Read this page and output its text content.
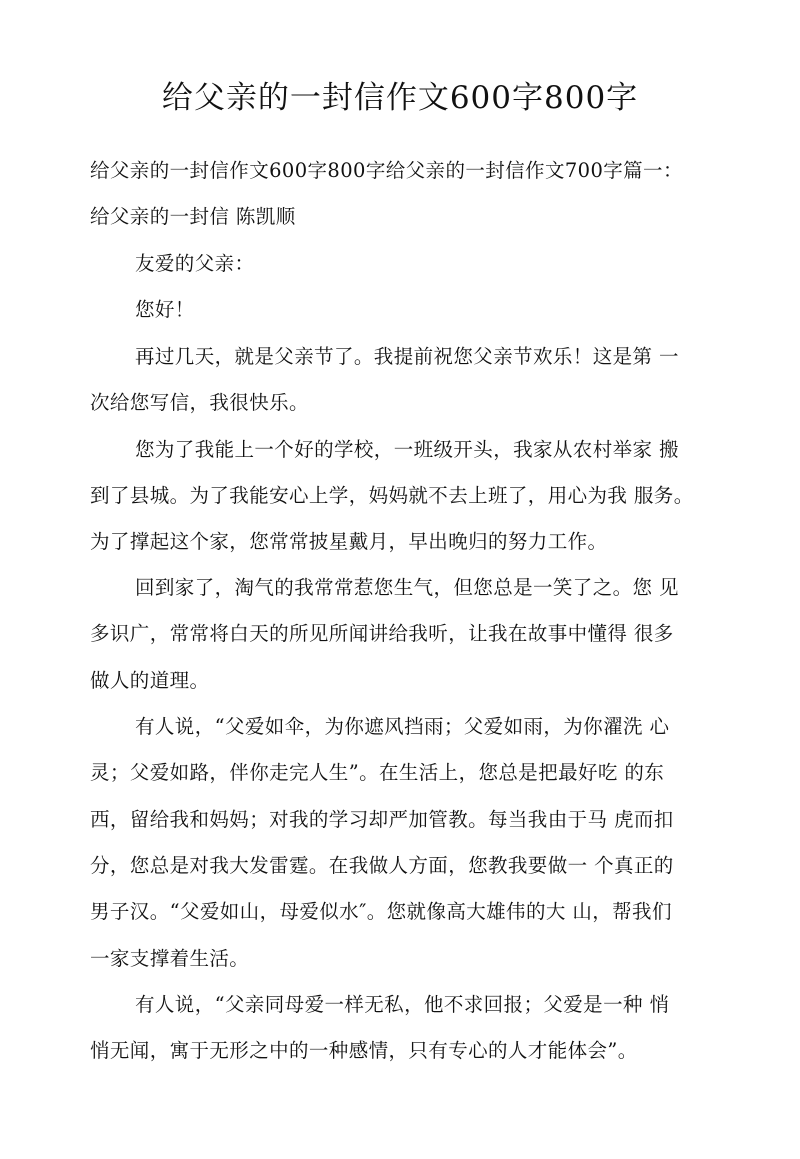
给父亲的一封信作文600字800字
给父亲的一封信作文600字800字给父亲的一封信作文700字篇一：
给父亲的一封信 陈凯顺
友爱的父亲：
您好！
再过几天，就是父亲节了。我提前祝您父亲节欢乐！这是第 一
次给您写信，我很快乐。
您为了我能上一个好的学校，一班级开头，我家从农村举家 搬
到了县城。为了我能安心上学，妈妈就不去上班了，用心为我 服务。
为了撑起这个家，您常常披星戴月，早出晚归的努力工作。
回到家了，淘气的我常常惹您生气，但您总是一笑了之。您 见
多识广，常常将白天的所见所闻讲给我听，让我在故事中懂得 很多
做人的道理。
有人说，“父爱如伞，为你遮风挡雨；父爱如雨，为你濯洗 心
灵；父爱如路，伴你走完人生”。在生活上，您总是把最好吃 的东
西，留给我和妈妈；对我的学习却严加管教。每当我由于马 虎而扣
分，您总是对我大发雷霆。在我做人方面，您教我要做一 个真正的
男子汉。“父爱如山，母爱似水″。您就像高大雄伟的大 山，帮我们
一家支撑着生活。
有人说，“父亲同母爱一样无私，他不求回报；父爱是一种 悄
悄无闻，寓于无形之中的一种感情，只有专心的人才能体会”。
